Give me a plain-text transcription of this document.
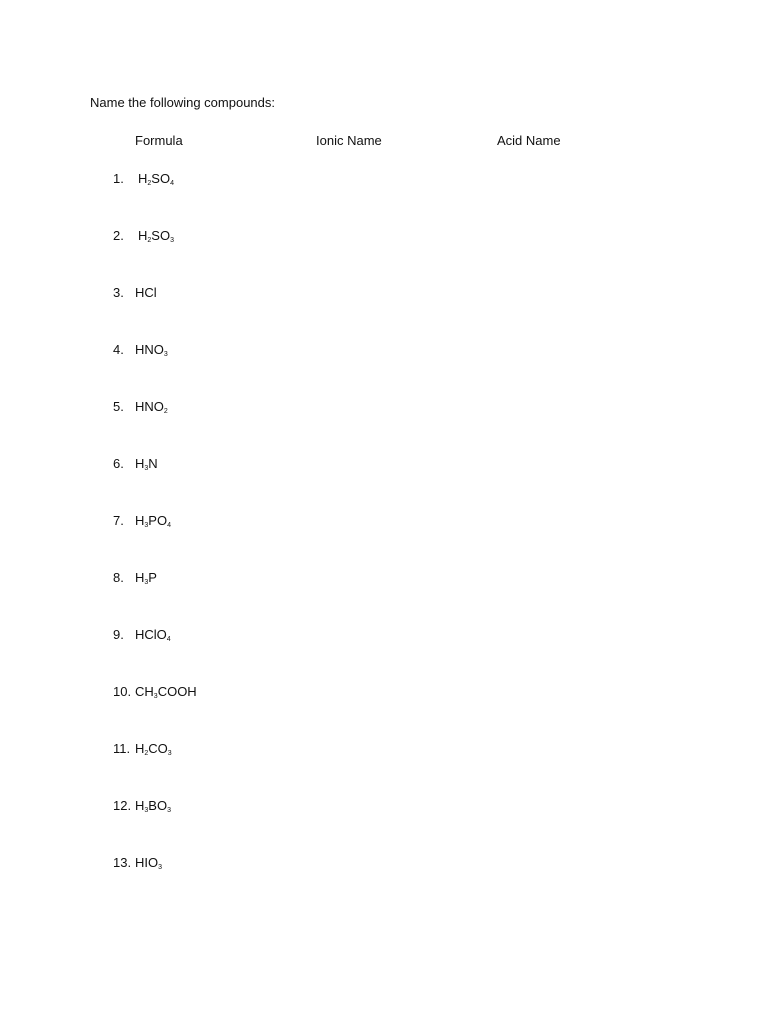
Name the following compounds:
Formula	Ionic Name	Acid Name
1. $H_2SO_4$
2. $H_2SO_3$
3. HCl
4. $HNO_3$
5. $HNO_2$
6. $H_3N$
7. $H_3PO_4$
8. $H_3P$
9. HClO$_4$
10. $CH_3COOH$
11. $H_2CO_3$
12. $H_3BO_3$
13. $HIO_3$
